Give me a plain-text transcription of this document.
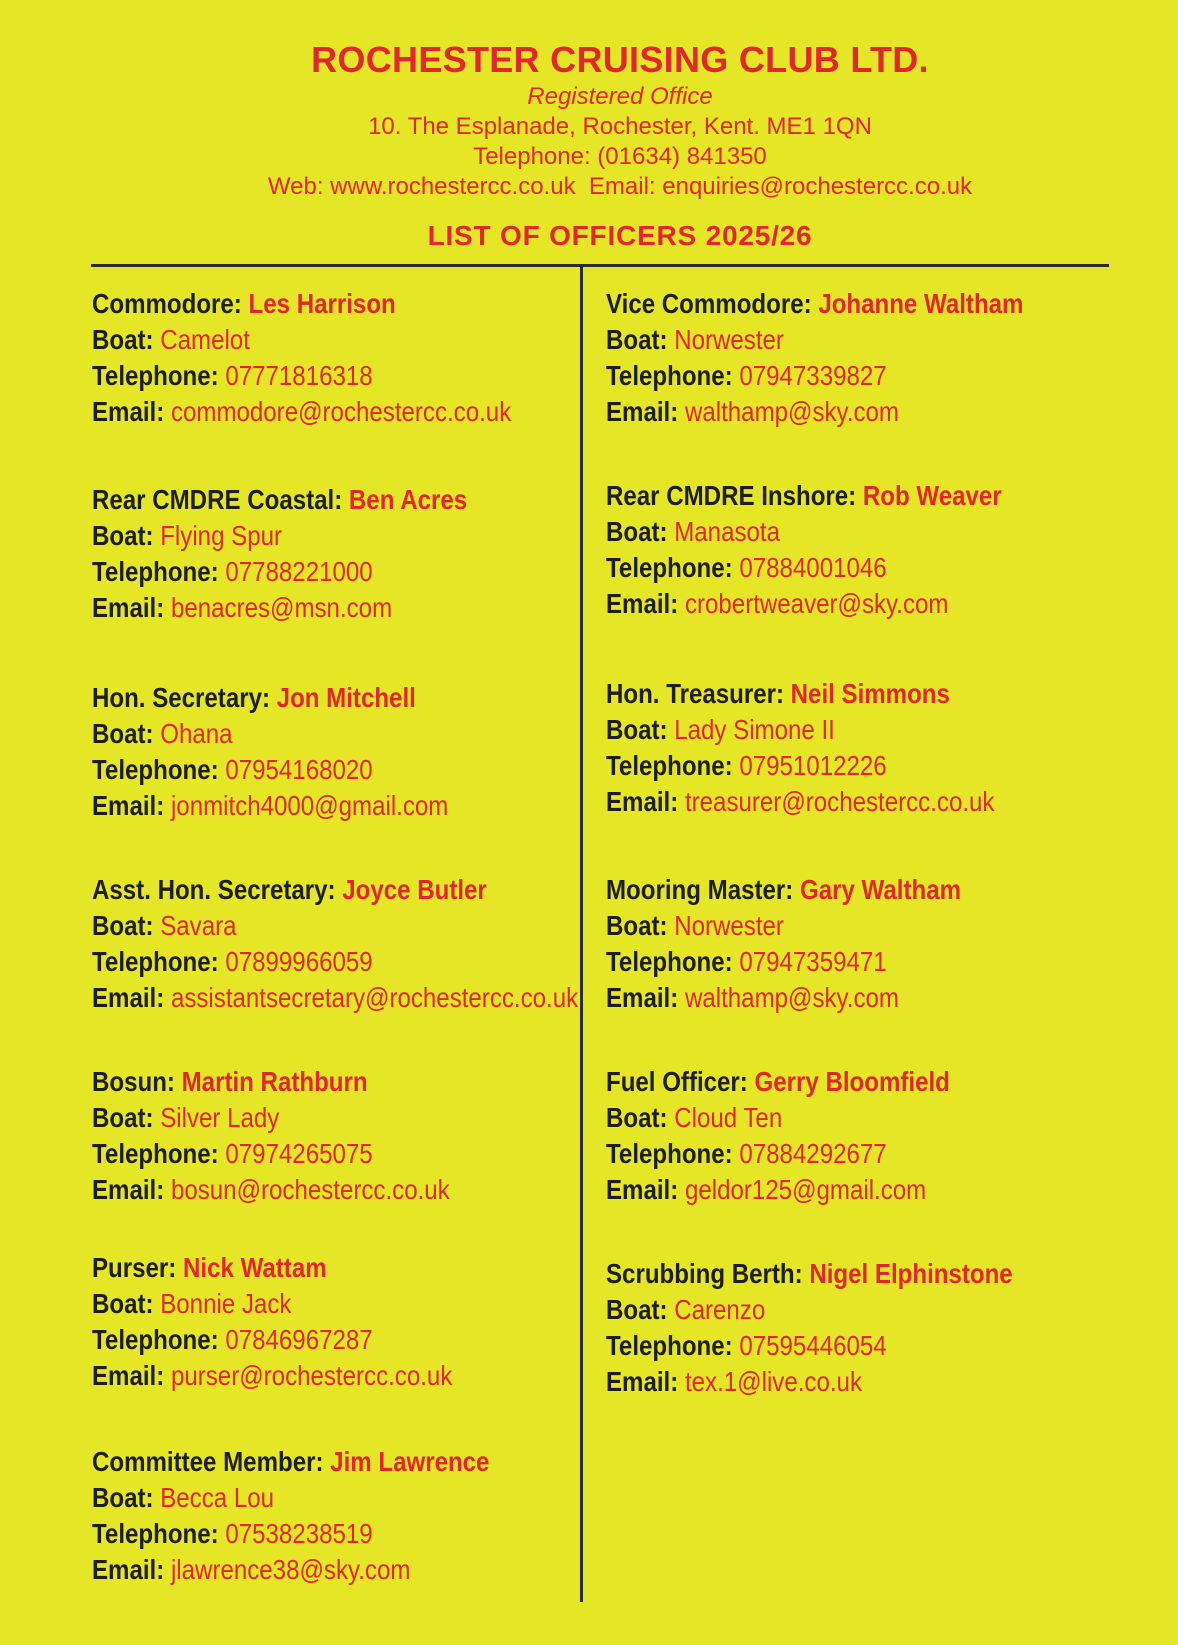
ROCHESTER CRUISING CLUB LTD.
Registered Office
10. The Esplanade, Rochester, Kent. ME1 1QN
Telephone: (01634) 841350
Web: www.rochestercc.co.uk  Email: enquiries@rochestercc.co.uk
LIST OF OFFICERS 2025/26
Commodore: Les Harrison
Boat: Camelot
Telephone: 07771816318
Email: commodore@rochestercc.co.uk
Rear CMDRE Coastal: Ben Acres
Boat: Flying Spur
Telephone: 07788221000
Email: benacres@msn.com
Hon. Secretary: Jon Mitchell
Boat: Ohana
Telephone: 07954168020
Email: jonmitch4000@gmail.com
Asst. Hon. Secretary: Joyce Butler
Boat: Savara
Telephone: 07899966059
Email: assistantsecretary@rochestercc.co.uk
Bosun: Martin Rathburn
Boat: Silver Lady
Telephone: 07974265075
Email: bosun@rochestercc.co.uk
Purser: Nick Wattam
Boat: Bonnie Jack
Telephone: 07846967287
Email: purser@rochestercc.co.uk
Committee Member: Jim Lawrence
Boat: Becca Lou
Telephone: 07538238519
Email: jlawrence38@sky.com
Vice Commodore: Johanne Waltham
Boat: Norwester
Telephone: 07947339827
Email: walthamp@sky.com
Rear CMDRE Inshore: Rob Weaver
Boat: Manasota
Telephone: 07884001046
Email: crobertweaver@sky.com
Hon. Treasurer: Neil Simmons
Boat: Lady Simone II
Telephone: 07951012226
Email: treasurer@rochestercc.co.uk
Mooring Master: Gary Waltham
Boat: Norwester
Telephone: 07947359471
Email: walthamp@sky.com
Fuel Officer: Gerry Bloomfield
Boat: Cloud Ten
Telephone: 07884292677
Email: geldor125@gmail.com
Scrubbing Berth: Nigel Elphinstone
Boat: Carenzo
Telephone: 07595446054
Email: tex.1@live.co.uk
